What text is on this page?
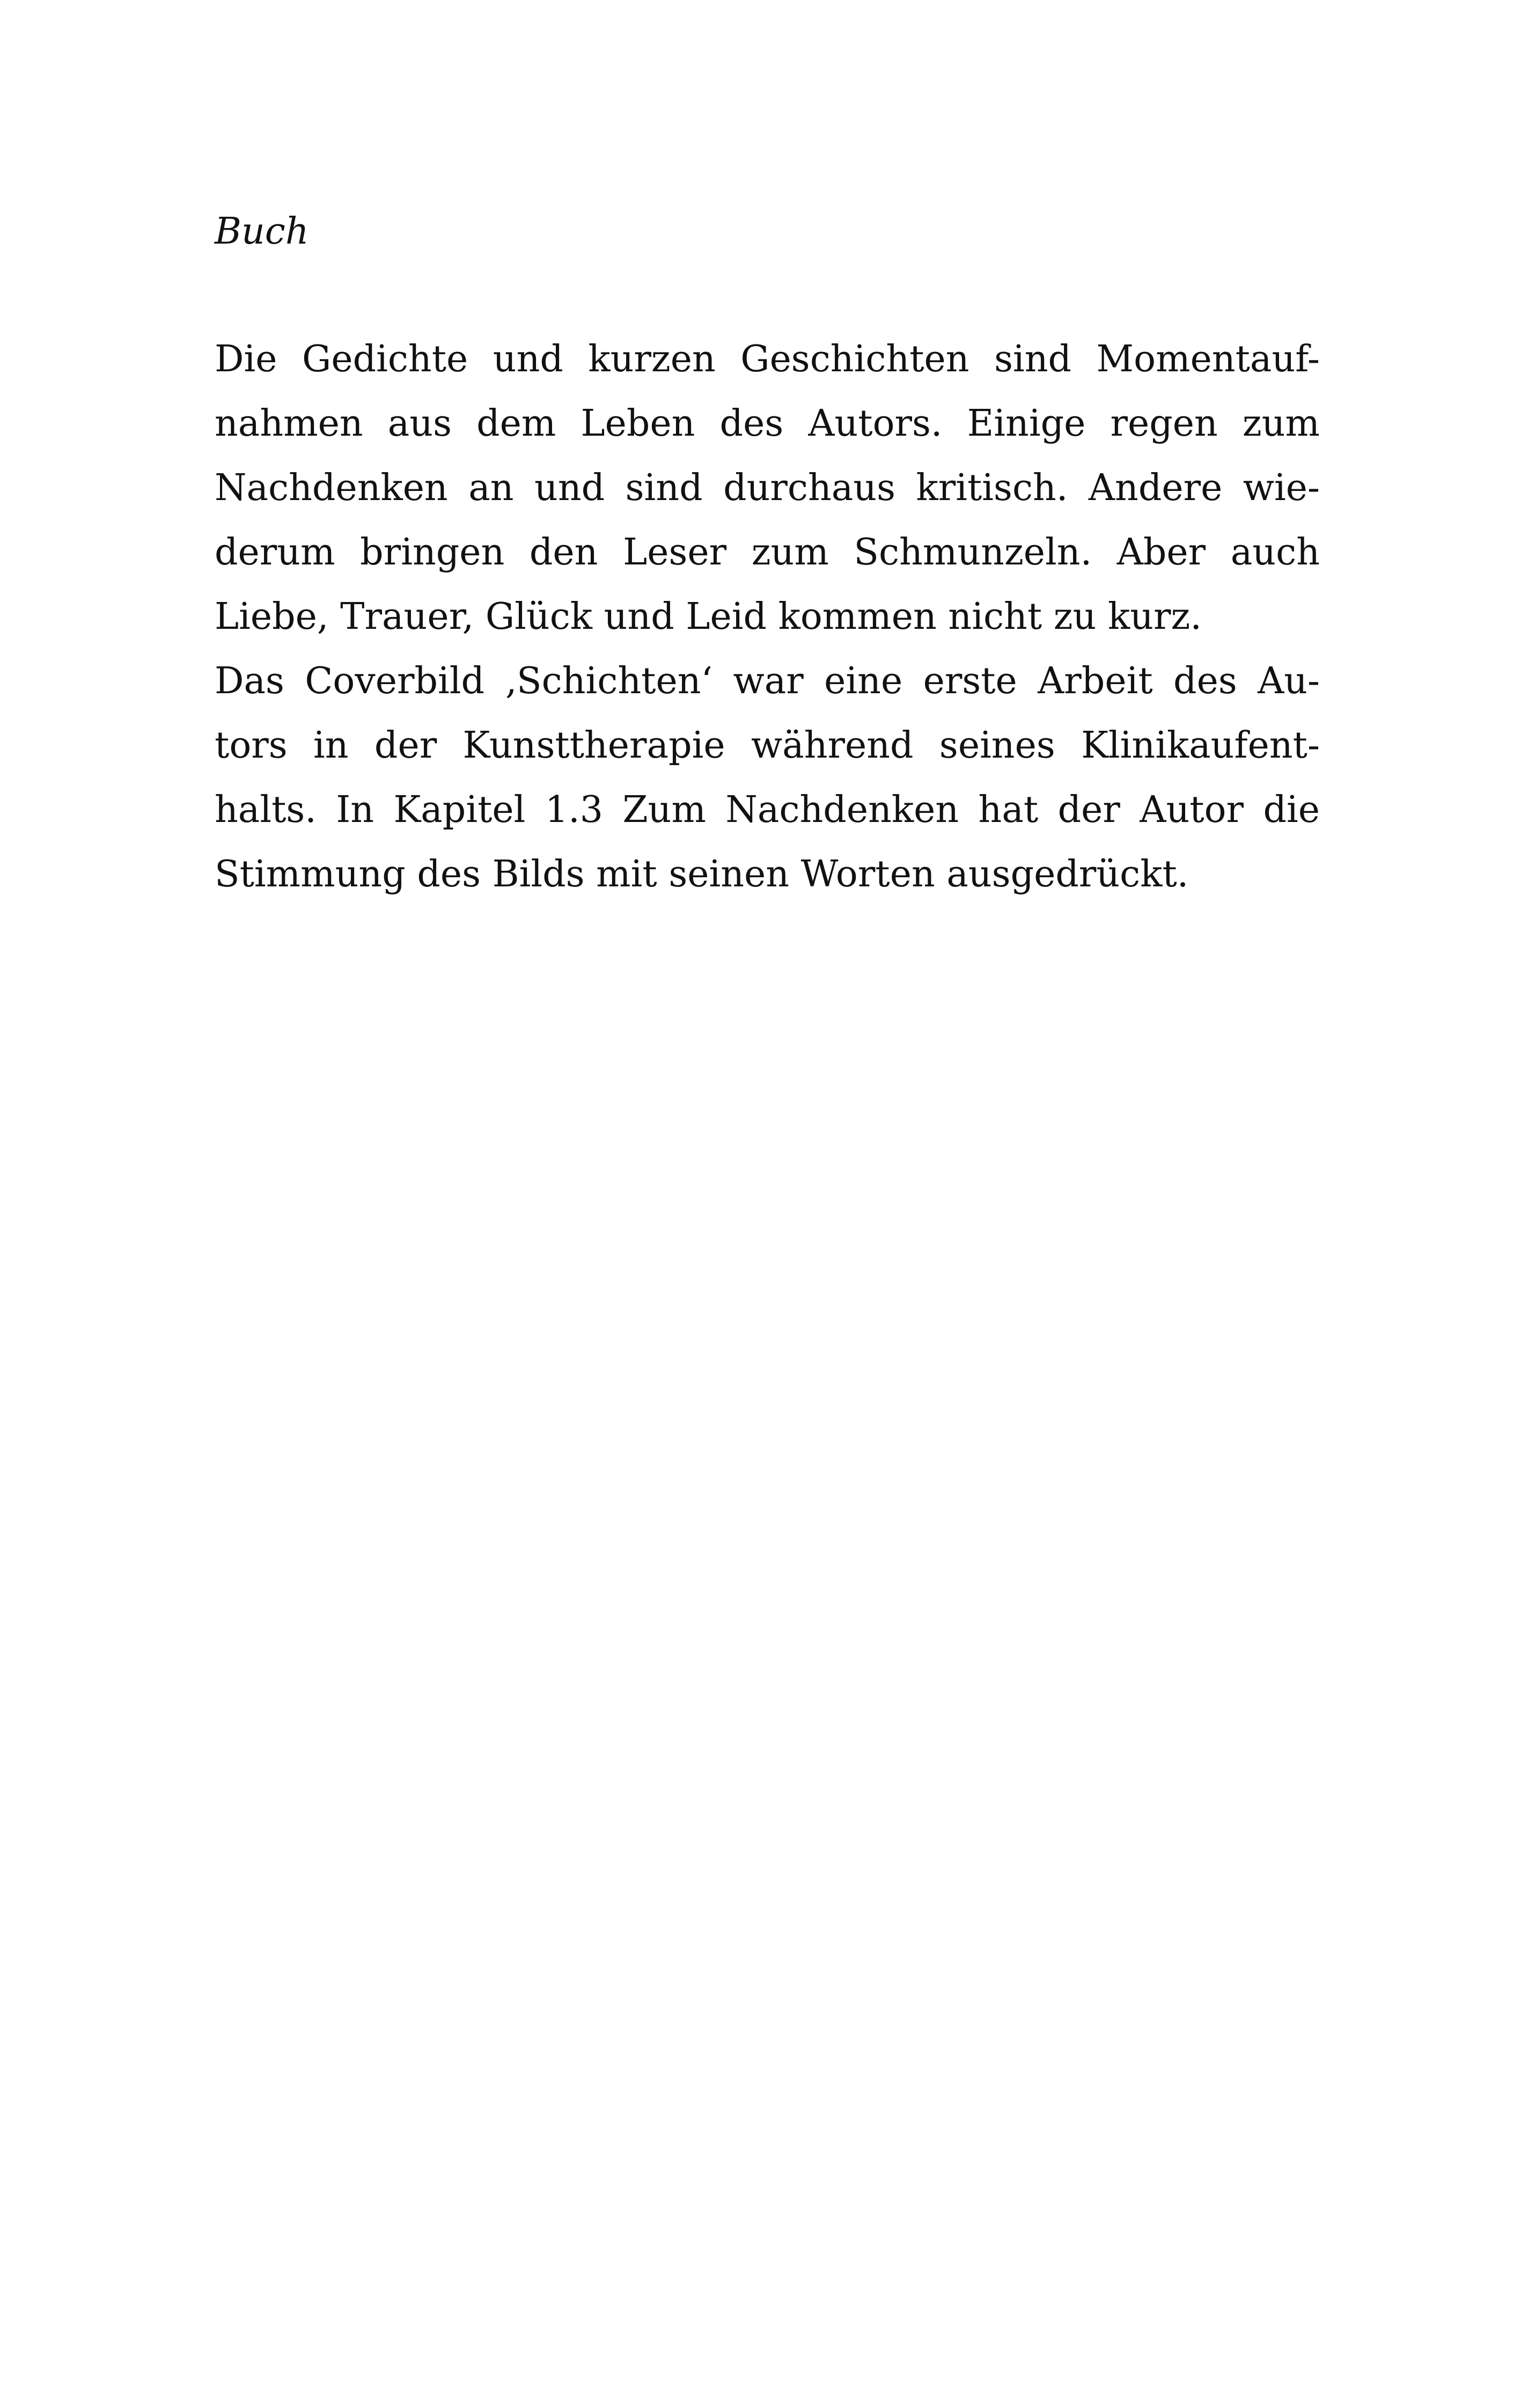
Buch
Die Gedichte und kurzen Geschichten sind Momentauf-
nahmen aus dem Leben des Autors. Einige regen zum
Nachdenken an und sind durchaus kritisch. Andere wie-
derum bringen den Leser zum Schmunzeln. Aber auch
Liebe, Trauer, Glück und Leid kommen nicht zu kurz.
Das Coverbild ‚Schichten‘ war eine erste Arbeit des Au-
tors in der Kunsttherapie während seines Klinikaufent-
halts. In Kapitel 1.3 Zum Nachdenken hat der Autor die
Stimmung des Bilds mit seinen Worten ausgedrückt.
